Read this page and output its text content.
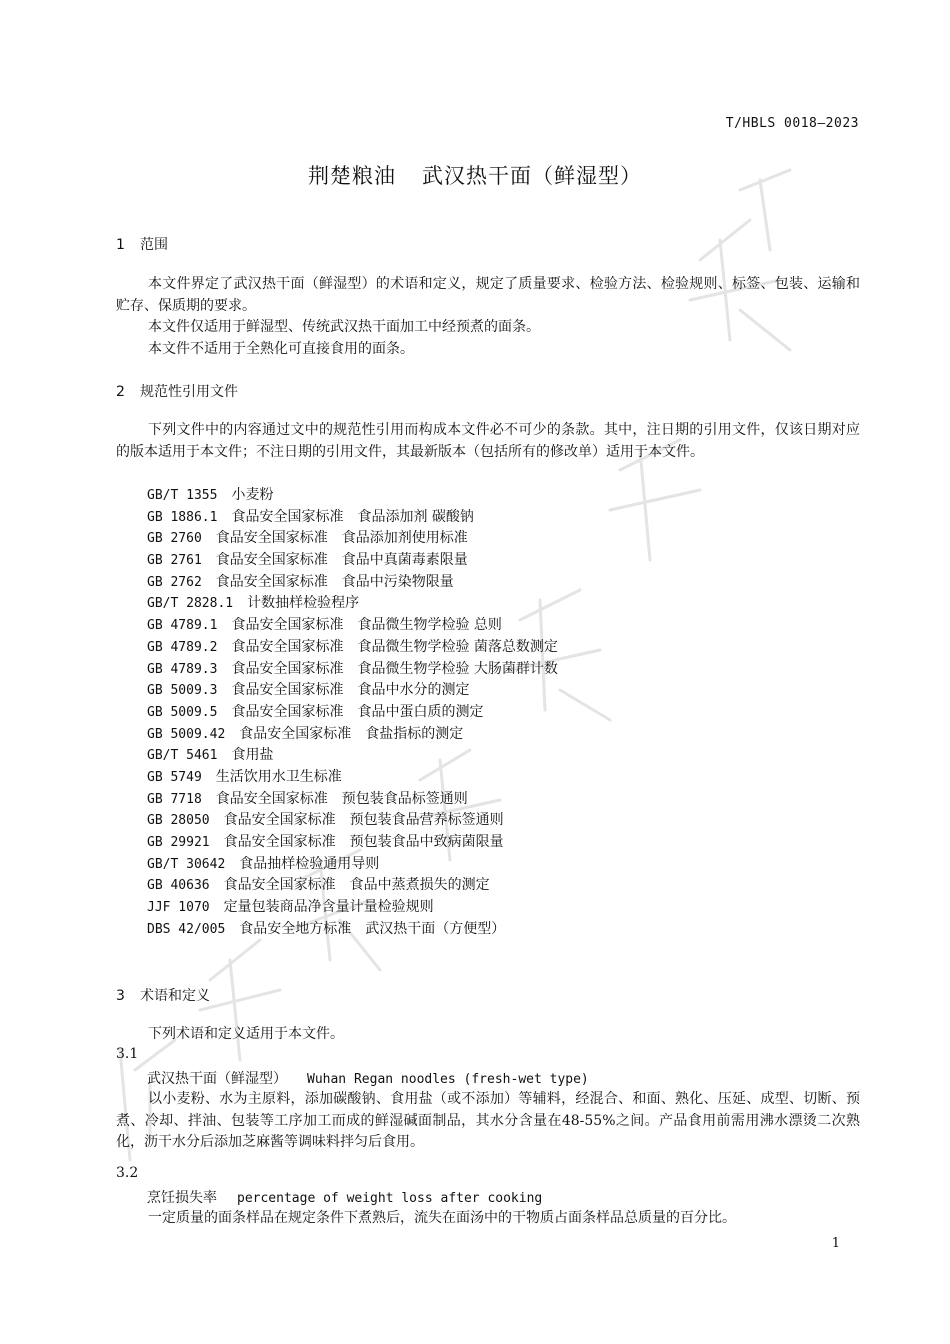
T/HBLS 0018—2023
荆楚粮油 武汉热干面（鲜湿型）
1 范围
本文件界定了武汉热干面（鲜湿型）的术语和定义，规定了质量要求、检验方法、检验规则、标签、包装、运输和贮存、保质期的要求。
本文件仅适用于鲜湿型、传统武汉热干面加工中经预煮的面条。
本文件不适用于全熟化可直接食用的面条。
2 规范性引用文件
下列文件中的内容通过文中的规范性引用而构成本文件必不可少的条款。其中，注日期的引用文件，仅该日期对应的版本适用于本文件；不注日期的引用文件，其最新版本（包括所有的修改单）适用于本文件。
GB/T 1355　 小麦粉
GB 1886.1　 食品安全国家标准　食品添加剂 碳酸钠
GB 2760　 食品安全国家标准　食品添加剂使用标准
GB 2761　 食品安全国家标准　食品中真菌毒素限量
GB 2762　 食品安全国家标准　食品中污染物限量
GB/T 2828.1　 计数抽样检验程序
GB 4789.1　 食品安全国家标准　食品微生物学检验 总则
GB 4789.2　 食品安全国家标准　食品微生物学检验 菌落总数测定
GB 4789.3　 食品安全国家标准　食品微生物学检验 大肠菌群计数
GB 5009.3　 食品安全国家标准　食品中水分的测定
GB 5009.5　 食品安全国家标准　食品中蛋白质的测定
GB 5009.42　 食品安全国家标准　食盐指标的测定
GB/T 5461　 食用盐
GB 5749　 生活饮用水卫生标准
GB 7718　 食品安全国家标准　预包装食品标签通则
GB 28050　 食品安全国家标准　预包装食品营养标签通则
GB 29921　 食品安全国家标准　预包装食品中致病菌限量
GB/T 30642　 食品抽样检验通用导则
GB 40636　 食品安全国家标准　食品中蒸煮损失的测定
JJF 1070　 定量包装商品净含量计量检验规则
DBS 42/005　 食品安全地方标准　武汉热干面（方便型）
3 术语和定义
下列术语和定义适用于本文件。
3.1
武汉热干面（鲜湿型） Wuhan Regan noodles (fresh-wet type)
以小麦粉、水为主原料，添加碳酸钠、食用盐（或不添加）等辅料，经混合、和面、熟化、压延、成型、切断、预煮、冷却、拌油、包装等工序加工而成的鲜湿碱面制品，其水分含量在48-55%之间。产品食用前需用沸水漂烫二次熟化，沥干水分后添加芝麻酱等调味料拌匀后食用。
3.2
烹饪损失率 percentage of weight loss after cooking
一定质量的面条样品在规定条件下煮熟后，流失在面汤中的干物质占面条样品总质量的百分比。
1
